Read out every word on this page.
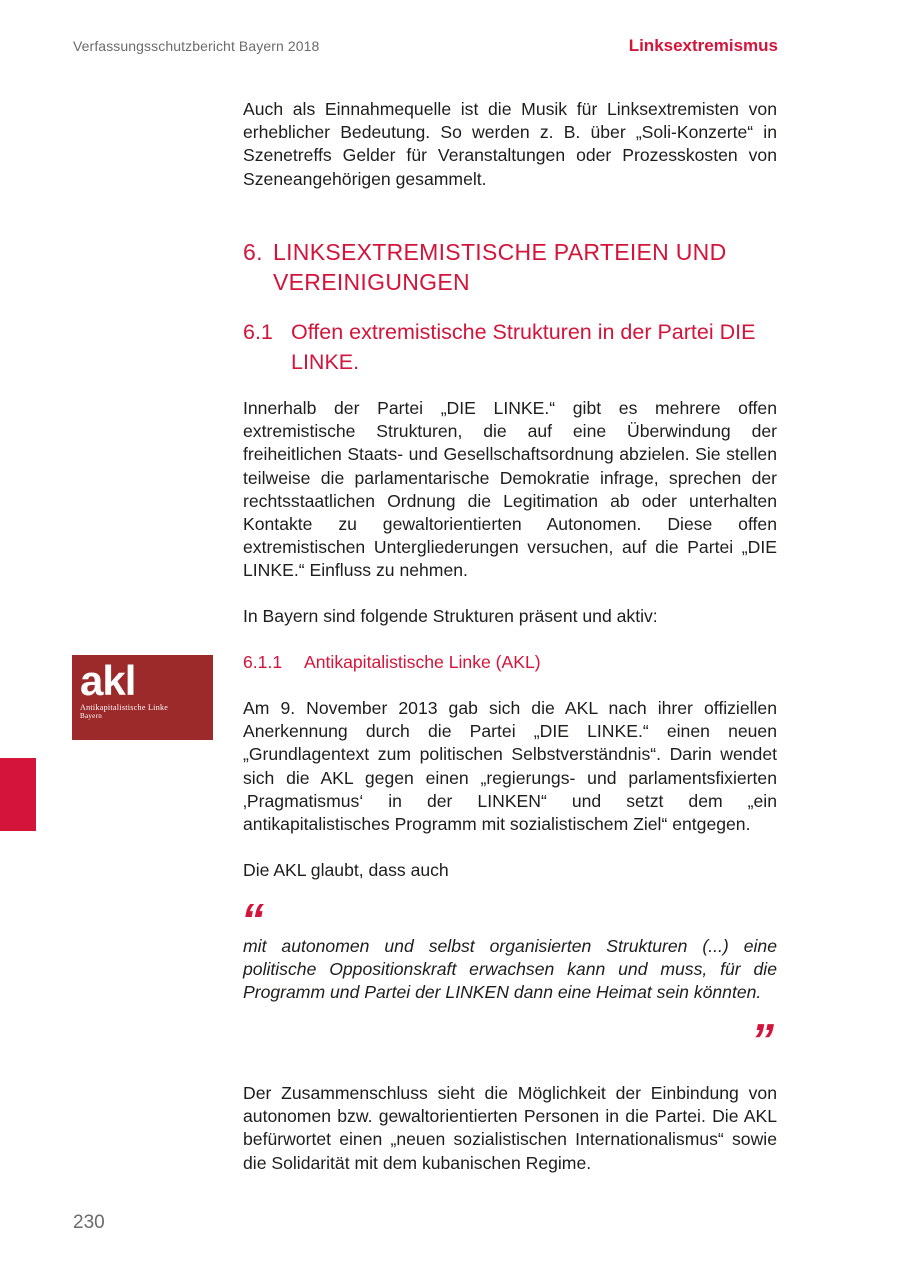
Verfassungsschutzbericht Bayern 2018	Linksextremismus
akl
Antikapitalistische Linke
Bayern
Auch als Einnahmequelle ist die Musik für Linksextremisten von erheblicher Bedeutung. So werden z. B. über „Soli-Konzerte“ in Szenetreffs Gelder für Veranstaltungen oder Prozesskosten von Szeneangehörigen gesammelt.
6. LINKSEXTREMISTISCHE PARTEIEN UND VEREINIGUNGEN
6.1 Offen extremistische Strukturen in der Partei DIE LINKE.
Innerhalb der Partei „DIE LINKE.“ gibt es mehrere offen extremistische Strukturen, die auf eine Überwindung der freiheitlichen Staats- und Gesellschaftsordnung abzielen. Sie stellen teilweise die parlamentarische Demokratie infrage, sprechen der rechtsstaatlichen Ordnung die Legitimation ab oder unterhalten Kontakte zu gewaltorientierten Autonomen. Diese offen extremistischen Untergliederungen versuchen, auf die Partei „DIE LINKE.“ Einfluss zu nehmen.
In Bayern sind folgende Strukturen präsent und aktiv:
6.1.1	Antikapitalistische Linke (AKL)
Am 9. November 2013 gab sich die AKL nach ihrer offiziellen Anerkennung durch die Partei „DIE LINKE.“ einen neuen „Grundlagentext zum politischen Selbstverständnis“. Darin wendet sich die AKL gegen einen „regierungs- und parlamentsfixierten ‚Pragmatismus‘ in der LINKEN“ und setzt dem „ein antikapitalistisches Programm mit sozialistischem Ziel“ entgegen.
Die AKL glaubt, dass auch
“
mit autonomen und selbst organisierten Strukturen (...) eine politische Oppositionskraft erwachsen kann und muss, für die Programm und Partei der LINKEN dann eine Heimat sein könnten.
”
Der Zusammenschluss sieht die Möglichkeit der Einbindung von autonomen bzw. gewaltorientierten Personen in die Partei. Die AKL befürwortet einen „neuen sozialistischen Internationalismus“ sowie die Solidarität mit dem kubanischen Regime.
230
